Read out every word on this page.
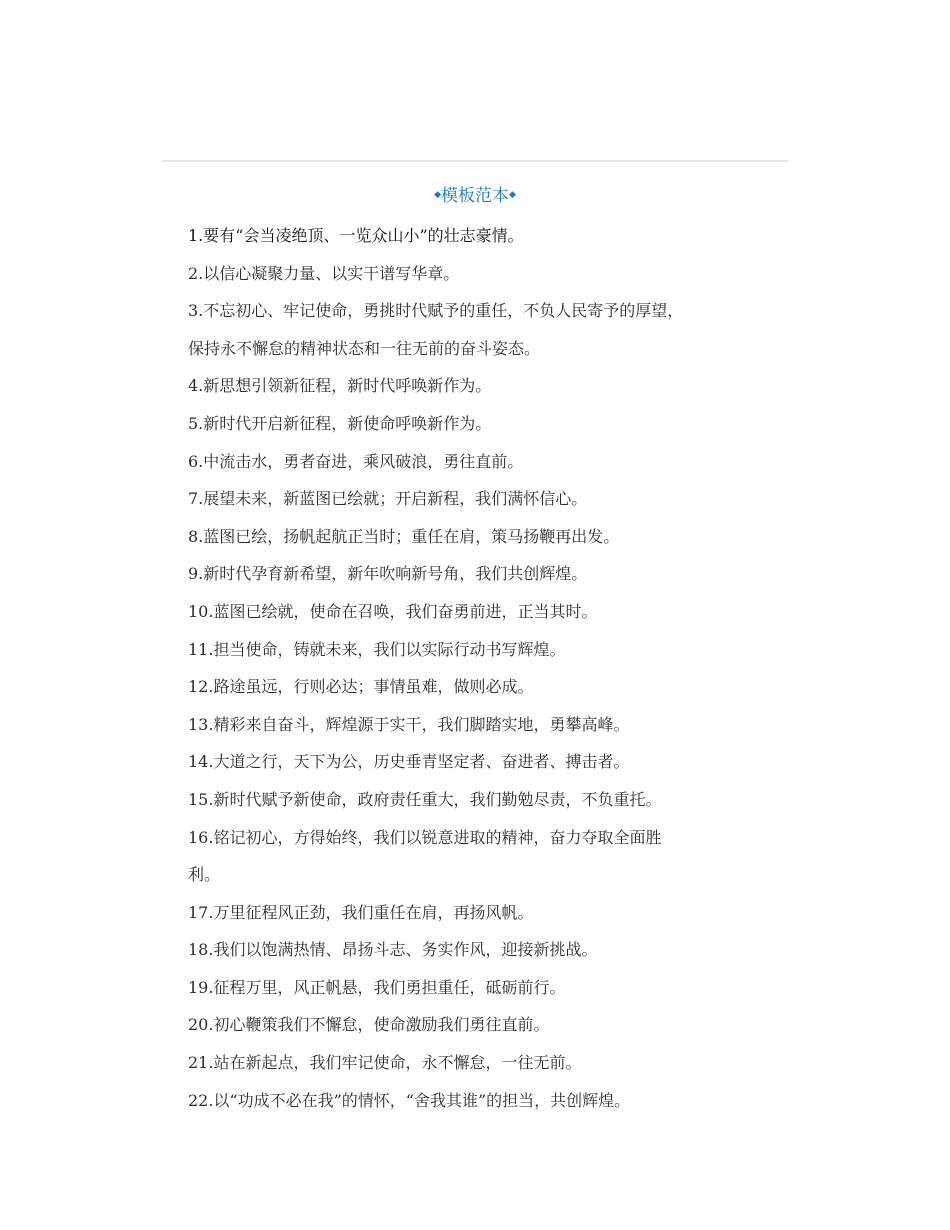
◆模板范本◆
1.要有“会当凌绝顶、一览众山小”的壮志豪情。
2.以信心凝聚力量、以实干谱写华章。
3.不忘初心、牢记使命，勇挑时代赋予的重任，不负人民寄予的厚望，
保持永不懈怠的精神状态和一往无前的奋斗姿态。
4.新思想引领新征程，新时代呼唤新作为。
5.新时代开启新征程，新使命呼唤新作为。
6.中流击水，勇者奋进，乘风破浪，勇往直前。
7.展望未来，新蓝图已绘就；开启新程，我们满怀信心。
8.蓝图已绘，扬帆起航正当时；重任在肩，策马扬鞭再出发。
9.新时代孕育新希望，新年吹响新号角，我们共创辉煌。
10.蓝图已绘就，使命在召唤，我们奋勇前进，正当其时。
11.担当使命，铸就未来，我们以实际行动书写辉煌。
12.路途虽远，行则必达；事情虽难，做则必成。
13.精彩来自奋斗，辉煌源于实干，我们脚踏实地，勇攀高峰。
14.大道之行，天下为公，历史垂青坚定者、奋进者、搏击者。
15.新时代赋予新使命，政府责任重大，我们勤勉尽责，不负重托。
16.铭记初心，方得始终，我们以锐意进取的精神，奋力夺取全面胜
利。
17.万里征程风正劲，我们重任在肩，再扬风帆。
18.我们以饱满热情、昂扬斗志、务实作风，迎接新挑战。
19.征程万里，风正帆悬，我们勇担重任，砥砺前行。
20.初心鞭策我们不懈怠，使命激励我们勇往直前。
21.站在新起点，我们牢记使命，永不懈怠，一往无前。
22.以“功成不必在我”的情怀，“舍我其谁”的担当，共创辉煌。
